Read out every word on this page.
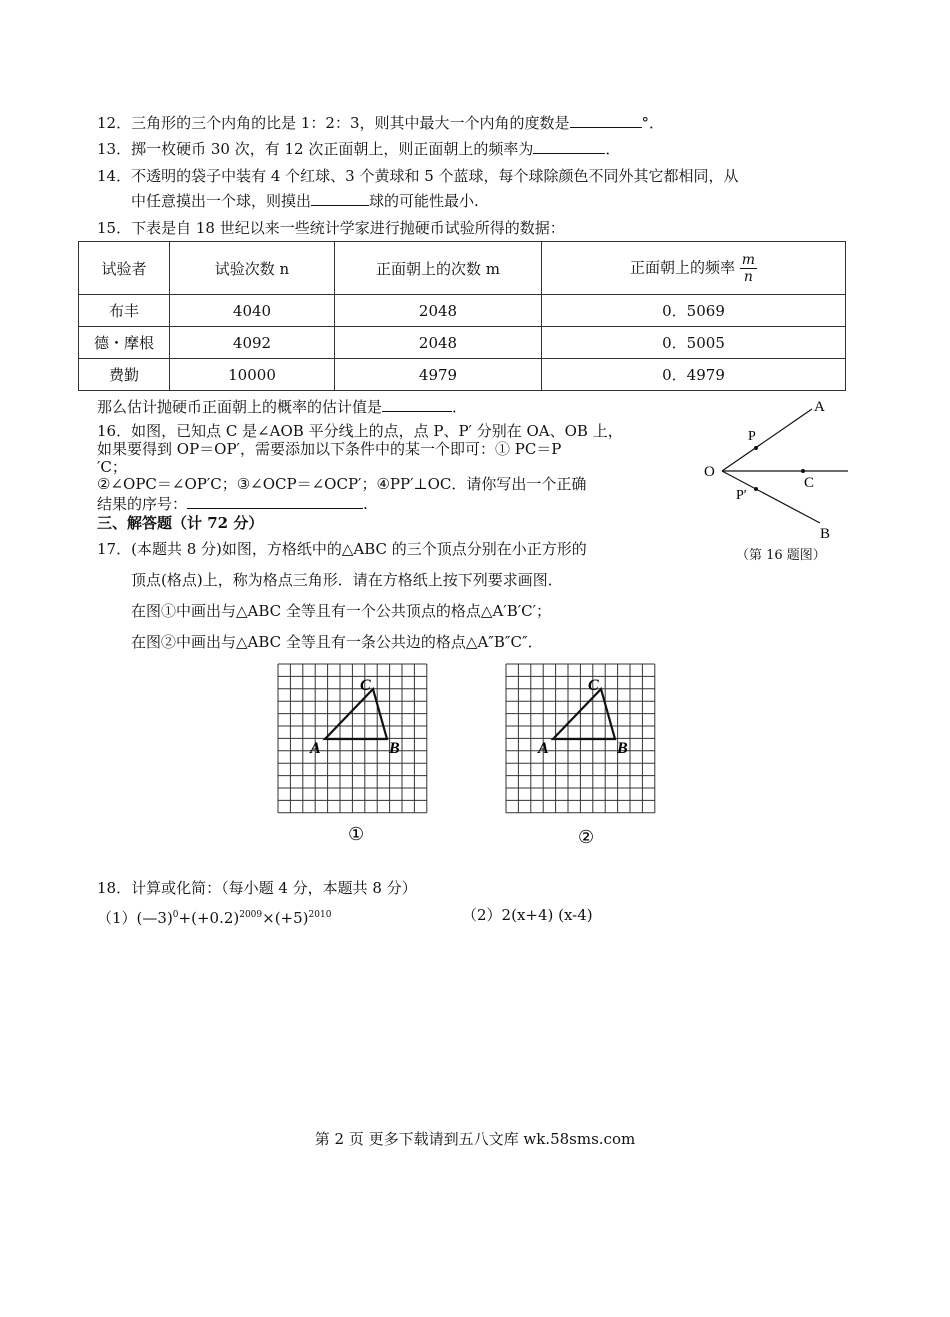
12．三角形的三个内角的比是 1：2：3，则其中最大一个内角的度数是	°．
13．掷一枚硬币 30 次，有 12 次正面朝上，则正面朝上的频率为	．
14．不透明的袋子中装有 4 个红球、3 个黄球和 5 个蓝球，每个球除颜色不同外其它都相同，从
中任意摸出一个球，则摸出	球的可能性最小.
15．下表是自 18 世纪以来一些统计学家进行抛硬币试验所得的数据：
试验者	试验次数 n	正面朝上的次数 m	正面朝上的频率 $\frac{m}{n}$

布丰	4040	2048	0．5069
德・摩根	4092	2048	0．5005
费勤	10000	4979	0．4979
那么估计抛硬币正面朝上的概率的估计值是	．
16．如图，已知点 C 是∠AOB 平分线上的点，点 P、P′ 分别在 OA、OB 上，
如果要得到 OP＝OP′，需要添加以下条件中的某一个即可：① PC＝P
′C；
②∠OPC＝∠OP′C；③∠OCP＝∠OCP′；④PP′⊥OC．请你写出一个正确
结果的序号：	.
A
P
O
C
P′
B
（第 16 题图）
三、解答题（计 72 分）
17．(本题共 8 分)如图，方格纸中的△ABC 的三个顶点分别在小正方形的
顶点(格点)上，称为格点三角形．请在方格纸上按下列要求画图．
在图①中画出与△ABC 全等且有一个公共顶点的格点△A′B′C′；
在图②中画出与△ABC 全等且有一条公共边的格点△A″B″C″．
C
A	B
①
C
A	B
②
18．计算或化简：（每小题 4 分，本题共 8 分）
$(1)(—3)^0+(+0.2)^{2009}\times(+5)^{2010}$	（2）2(x+4) (x-4)
第 2 页 更多下载请到五八文库 wk.58sms.com
